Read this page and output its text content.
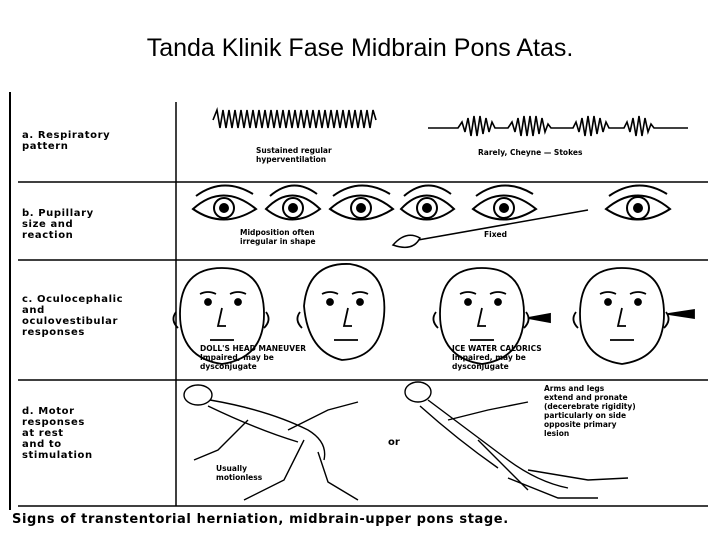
Tanda Klinik Fase Midbrain Pons Atas.
a. Respiratory
pattern
b. Pupillary
size and
reaction
c. Oculocephalic
and
oculovestibular
responses
d. Motor
responses
at rest
and to
stimulation
Sustained regular
hyperventilation
Rarely, Cheyne — Stokes
Midposition often
irregular in shape
Fixed
DOLL'S HEAD MANEUVER
Impaired, may be
dysconjugate
ICE WATER CALORICS
Impaired, may be
dysconjugate
Usually
motionless
or
Arms and legs
extend and pronate
(decerebrate rigidity)
particularly on side
opposite primary
lesion
Signs of transtentorial herniation, midbrain-upper pons stage.
